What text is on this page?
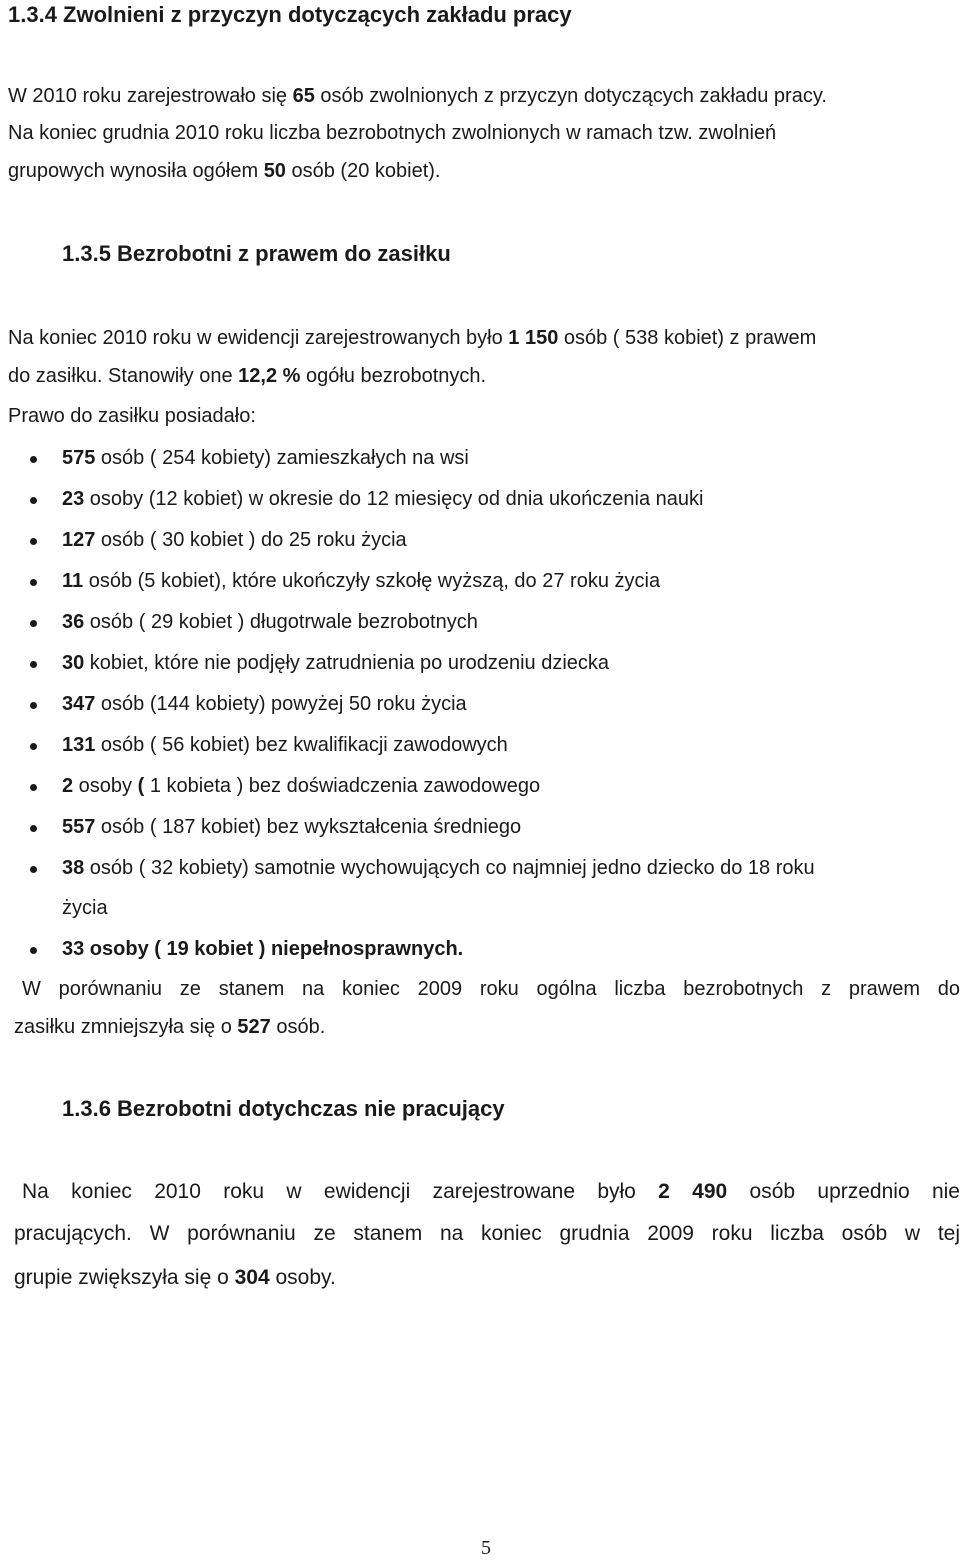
1.3.4 Zwolnieni z przyczyn dotyczących zakładu pracy
W 2010 roku zarejestrowało się 65 osób zwolnionych z przyczyn dotyczących zakładu pracy.
Na koniec grudnia 2010 roku liczba bezrobotnych zwolnionych w ramach tzw. zwolnień
grupowych wynosiła ogółem 50 osób (20 kobiet).
1.3.5 Bezrobotni z prawem do zasiłku
Na koniec 2010 roku w ewidencji zarejestrowanych było 1 150 osób ( 538 kobiet) z prawem
do zasiłku. Stanowiły one 12,2 % ogółu bezrobotnych.
Prawo do zasiłku posiadało:
575 osób ( 254 kobiety) zamieszkałych na wsi
23 osoby (12 kobiet) w okresie do 12 miesięcy od dnia ukończenia nauki
127 osób ( 30 kobiet ) do 25 roku życia
11 osób (5 kobiet), które ukończyły szkołę wyższą, do 27 roku życia
36 osób ( 29 kobiet ) długotrwale bezrobotnych
30 kobiet, które nie podjęły zatrudnienia po urodzeniu dziecka
347 osób (144 kobiety) powyżej 50 roku życia
131 osób ( 56 kobiet) bez kwalifikacji zawodowych
2 osoby ( 1 kobieta ) bez doświadczenia zawodowego
557 osób ( 187 kobiet) bez wykształcenia średniego
38 osób ( 32 kobiety) samotnie wychowujących co najmniej jedno dziecko do 18 roku
życia
33 osoby ( 19 kobiet ) niepełnosprawnych.
W porównaniu ze stanem na koniec 2009 roku ogólna liczba bezrobotnych z prawem do
zasiłku zmniejszyła się o 527 osób.
1.3.6 Bezrobotni dotychczas nie pracujący
Na koniec 2010 roku w ewidencji zarejestrowane było 2 490 osób uprzednio nie
pracujących. W porównaniu ze stanem na koniec grudnia 2009 roku liczba osób w tej
grupie zwiększyła się o 304 osoby.
5
